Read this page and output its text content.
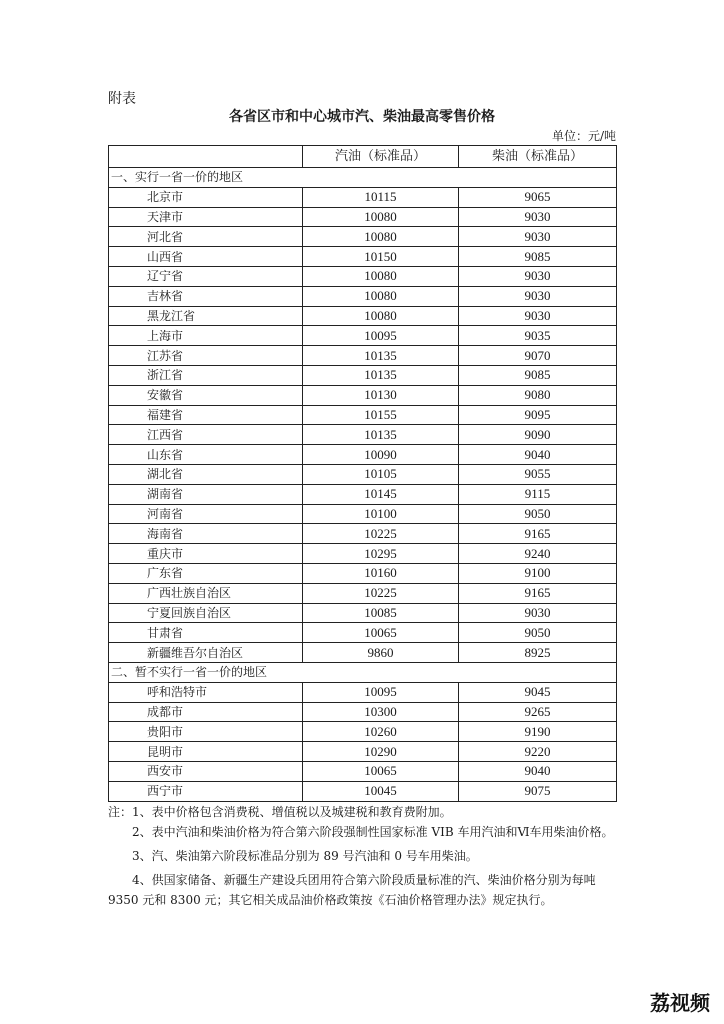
附表
各省区市和中心城市汽、柴油最高零售价格
单位：元/吨
	汽油（标准品）	柴油（标准品）
一、实行一省一价的地区		
北京市	10115	9065
天津市	10080	9030
河北省	10080	9030
山西省	10150	9085
辽宁省	10080	9030
吉林省	10080	9030
黑龙江省	10080	9030
上海市	10095	9035
江苏省	10135	9070
浙江省	10135	9085
安徽省	10130	9080
福建省	10155	9095
江西省	10135	9090
山东省	10090	9040
湖北省	10105	9055
湖南省	10145	9115
河南省	10100	9050
海南省	10225	9165
重庆市	10295	9240
广东省	10160	9100
广西壮族自治区	10225	9165
宁夏回族自治区	10085	9030
甘肃省	10065	9050
新疆维吾尔自治区	9860	8925
二、暂不实行一省一价的地区		
呼和浩特市	10095	9045
成都市	10300	9265
贵阳市	10260	9190
昆明市	10290	9220
西安市	10065	9040
西宁市	10045	9075

注：1、表中价格包含消费税、增值税以及城建税和教育费附加。

2、表中汽油和柴油价格为符合第六阶段强制性国家标准 VIB 车用汽油和Ⅵ车用柴油价格。

3、汽、柴油第六阶段标准品分别为 89 号汽油和 0 号车用柴油。

4、供国家储备、新疆生产建设兵团用符合第六阶段质量标准的汽、柴油价格分别为每吨 9350 元和 8300 元；其它相关成品油价格政策按《石油价格管理办法》规定执行。

荔视频
